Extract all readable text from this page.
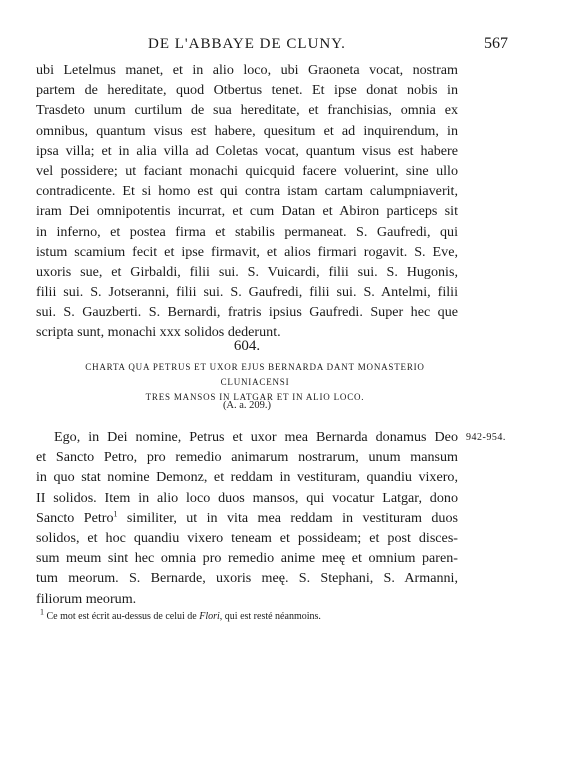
DE L'ABBAYE DE CLUNY.	567
ubi Letelmus manet, et in alio loco, ubi Graoneta vocat, nostram
partem de hereditate, quod Otbertus tenet. Et ipse donat nobis in
Trasdeto unum curtilum de sua hereditate, et franchisias, omnia ex
omnibus, quantum visus est habere, quesitum et ad inquirendum, in
ipsa villa; et in alia villa ad Coletas vocat, quantum visus est habere
vel possidere; ut faciant monachi quicquid facere voluerint, sine ullo
contradicente. Et si homo est qui contra istam cartam calumpniaverit,
iram Dei omnipotentis incurrat, et cum Datan et Abiron particeps sit
in inferno, et postea firma et stabilis permaneat. S. Gaufredi, qui
istum scamium fecit et ipse firmavit, et alios firmari rogavit. S. Eve,
uxoris sue, et Girbaldi, filii sui. S. Vuicardi, filii sui. S. Hugonis,
filii sui. S. Jotseranni, filii sui. S. Gaufredi, filii sui. S. Antelmi, filii
sui. S. Gauzberti. S. Bernardi, fratris ipsius Gaufredi. Super hec que
scripta sunt, monachi xxx solidos dederunt.
604.
CHARTA QUA PETRUS ET UXOR EJUS BERNARDA DANT MONASTERIO CLUNIACENSI
TRES MANSOS IN LATGAR ET IN ALIO LOCO.
(A. a. 209.)
942-954.
Ego, in Dei nomine, Petrus et uxor mea Bernarda donamus Deo
et Sancto Petro, pro remedio animarum nostrarum, unum mansum
in quo stat nomine Demonz, et reddam in vestituram, quandiu vixero,
II solidos. Item in alio loco duos mansos, qui vocatur Latgar, dono
Sancto Petro$^1$ similiter, ut in vita mea reddam in vestituram duos
solidos, et hoc quandiu vixero teneam et possideam; et post disces-
sum meum sint hec omnia pro remedio anime meę et omnium paren-
tum meorum. S. Bernarde, uxoris meę. S. Stephani, S. Armanni,
filiorum meorum.
$^1$ Ce mot est écrit au-dessus de celui de Flori, qui est resté néanmoins.
